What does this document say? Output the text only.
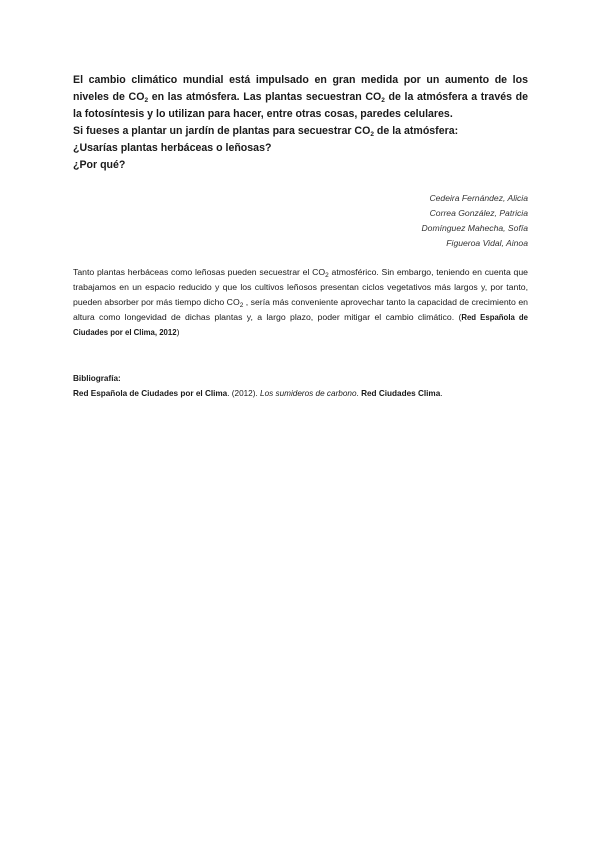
El cambio climático mundial está impulsado en gran medida por un aumento de los niveles de $CO_2$ en las atmósfera. Las plantas secuestran $CO_2$ de la atmósfera a través de la fotosíntesis y lo utilizan para hacer, entre otras cosas, paredes celulares.

Si fueses a plantar un jardín de plantas para secuestrar $CO_2$ de la atmósfera:

¿Usarías plantas herbáceas o leñosas?

¿Por qué?

Cedeira Fernández, Alicia
Correa González, Patricia
Domínguez Mahecha, Sofía
Figueroa Vidal, Ainoa

Tanto plantas herbáceas como leñosas pueden secuestrar el $CO_2$ atmosférico. Sin embargo, teniendo en cuenta que trabajamos en un espacio reducido y que los cultivos leñosos presentan ciclos vegetativos más largos y, por tanto, pueden absorber por más tiempo dicho $CO_2$ , sería más conveniente aprovechar tanto la capacidad de crecimiento en altura como longevidad de dichas plantas y, a largo plazo, poder mitigar el cambio climático. (Red Española de Ciudades por el Clima, 2012)

Bibliografía:
Red Española de Ciudades por el Clima. (2012). Los sumideros de carbono. Red Ciudades Clima.
